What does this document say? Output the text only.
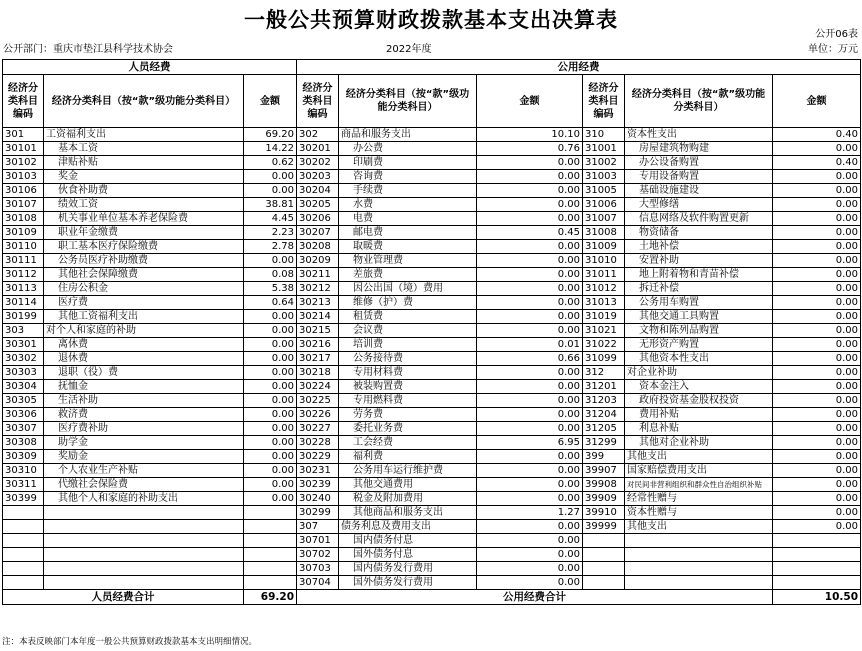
一般公共预算财政拨款基本支出决算表
公开06表
公开部门：重庆市垫江县科学技术协会	2022年度	单位：万元
人员经费			公用经费					
经济分类科目编码	经济分类科目（按“款”级功能分类科目）	金额	经济分类科目编码	经济分类科目（按“款”级功能分类科目）	金额	经济分类科目编码	经济分类科目（按“款”级功能分类科目）	金额
301	工资福利支出	69.20	302	商品和服务支出	10.10	310	资本性支出	0.40
30101	基本工资	14.22	30201	办公费	0.76	31001	房屋建筑物购建	0.00
30102	津贴补贴	0.62	30202	印刷费	0.00	31002	办公设备购置	0.40
30103	奖金	0.00	30203	咨询费	0.00	31003	专用设备购置	0.00
30106	伙食补助费	0.00	30204	手续费	0.00	31005	基础设施建设	0.00
30107	绩效工资	38.81	30205	水费	0.00	31006	大型修缮	0.00
30108	机关事业单位基本养老保险费	4.45	30206	电费	0.00	31007	信息网络及软件购置更新	0.00
30109	职业年金缴费	2.23	30207	邮电费	0.45	31008	物资储备	0.00
30110	职工基本医疗保险缴费	2.78	30208	取暖费	0.00	31009	土地补偿	0.00
30111	公务员医疗补助缴费	0.00	30209	物业管理费	0.00	31010	安置补助	0.00
30112	其他社会保障缴费	0.08	30211	差旅费	0.00	31011	地上附着物和青苗补偿	0.00
30113	住房公积金	5.38	30212	因公出国（境）费用	0.00	31012	拆迁补偿	0.00
30114	医疗费	0.64	30213	维修（护）费	0.00	31013	公务用车购置	0.00
30199	其他工资福利支出	0.00	30214	租赁费	0.00	31019	其他交通工具购置	0.00
303	对个人和家庭的补助	0.00	30215	会议费	0.00	31021	文物和陈列品购置	0.00
30301	离休费	0.00	30216	培训费	0.01	31022	无形资产购置	0.00
30302	退休费	0.00	30217	公务接待费	0.66	31099	其他资本性支出	0.00
30303	退职（役）费	0.00	30218	专用材料费	0.00	312	对企业补助	0.00
30304	抚恤金	0.00	30224	被装购置费	0.00	31201	资本金注入	0.00
30305	生活补助	0.00	30225	专用燃料费	0.00	31203	政府投资基金股权投资	0.00
30306	救济费	0.00	30226	劳务费	0.00	31204	费用补贴	0.00
30307	医疗费补助	0.00	30227	委托业务费	0.00	31205	利息补贴	0.00
30308	助学金	0.00	30228	工会经费	6.95	31299	其他对企业补助	0.00
30309	奖励金	0.00	30229	福利费	0.00	399	其他支出	0.00
30310	个人农业生产补贴	0.00	30231	公务用车运行维护费	0.00	39907	国家赔偿费用支出	0.00
30311	代缴社会保险费	0.00	30239	其他交通费用	0.00	39908	对民间非营利组织和群众性自治组织补贴	0.00
30399	其他个人和家庭的补助支出	0.00	30240	税金及附加费用	0.00	39909	经常性赠与	0.00
			30299	其他商品和服务支出	1.27	39910	资本性赠与	0.00
			307	债务利息及费用支出	0.00	39999	其他支出	0.00
			30701	国内债务付息	0.00			
			30702	国外债务付息	0.00			
			30703	国内债务发行费用	0.00			
			30704	国外债务发行费用	0.00			
人员经费合计		69.20	公用经费合计					10.50
注：本表反映部门本年度一般公共预算财政拨款基本支出明细情况。
